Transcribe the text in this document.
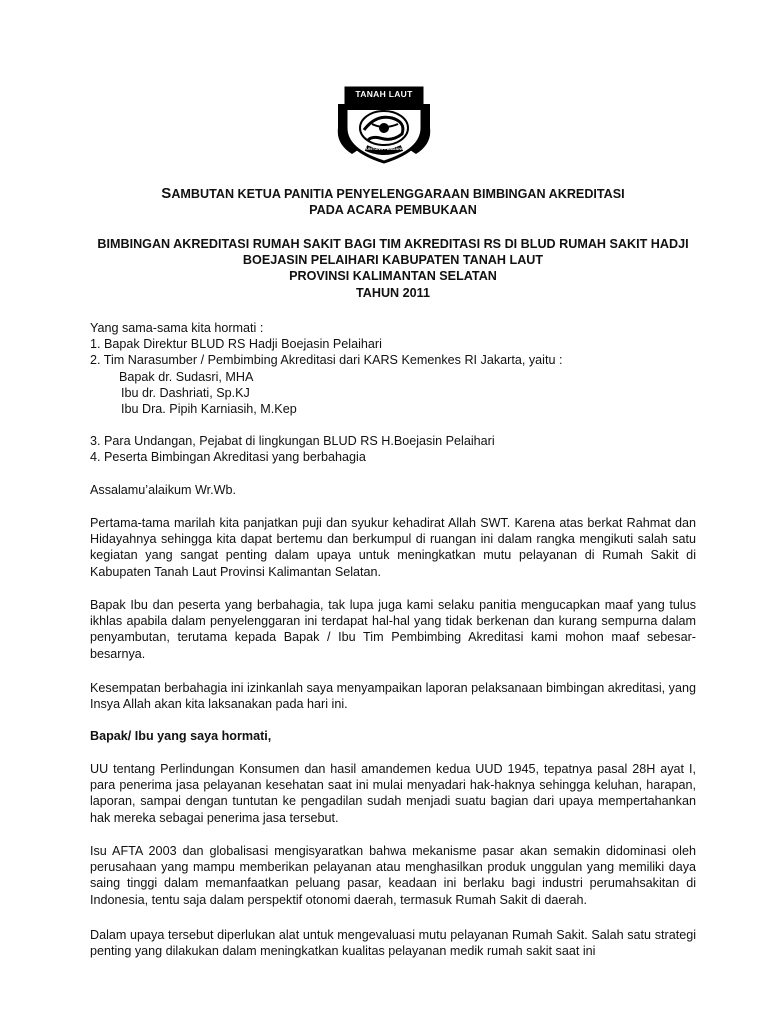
TANAH LAUT
TUNTUNG PANDANG
SAMBUTAN KETUA PANITIA PENYELENGGARAAN BIMBINGAN AKREDITASI
PADA ACARA PEMBUKAAN
BIMBINGAN AKREDITASI RUMAH SAKIT BAGI TIM AKREDITASI RS DI BLUD RUMAH SAKIT HADJI
BOEJASIN PELAIHARI KABUPATEN TANAH LAUT
PROVINSI KALIMANTAN SELATAN
TAHUN 2011
Yang sama-sama kita hormati :
1. Bapak Direktur BLUD RS Hadji Boejasin Pelaihari
2. Tim Narasumber / Pembimbing Akreditasi dari KARS Kemenkes RI Jakarta, yaitu :
Bapak dr. Sudasri, MHA
Ibu dr. Dashriati, Sp.KJ
Ibu Dra. Pipih Karniasih, M.Kep
3. Para Undangan, Pejabat di lingkungan BLUD RS H.Boejasin Pelaihari
4. Peserta Bimbingan Akreditasi yang berbahagia
Assalamu’alaikum Wr.Wb.
Pertama-tama marilah kita panjatkan puji dan syukur kehadirat Allah SWT. Karena atas berkat Rahmat dan Hidayahnya sehingga kita dapat bertemu dan berkumpul di ruangan ini dalam rangka mengikuti salah satu kegiatan yang sangat penting dalam upaya untuk meningkatkan mutu pelayanan di Rumah Sakit di Kabupaten Tanah Laut Provinsi Kalimantan Selatan.
Bapak Ibu dan peserta yang berbahagia, tak lupa juga kami selaku panitia mengucapkan maaf yang tulus ikhlas apabila dalam penyelenggaran ini terdapat hal-hal yang tidak berkenan dan kurang sempurna dalam penyambutan, terutama kepada Bapak / Ibu Tim Pembimbing Akreditasi kami mohon maaf sebesar-besarnya.
Kesempatan berbahagia ini izinkanlah saya menyampaikan laporan pelaksanaan bimbingan akreditasi, yang Insya Allah akan kita laksanakan pada hari ini.
Bapak/ Ibu yang saya hormati,
UU tentang Perlindungan Konsumen dan hasil amandemen kedua UUD 1945, tepatnya pasal 28H ayat I, para penerima jasa pelayanan kesehatan saat ini mulai menyadari hak-haknya sehingga keluhan, harapan, laporan, sampai dengan tuntutan ke pengadilan sudah menjadi suatu bagian dari upaya mempertahankan hak mereka sebagai penerima jasa tersebut.
Isu AFTA 2003 dan globalisasi mengisyaratkan bahwa mekanisme pasar akan semakin didominasi oleh perusahaan yang mampu memberikan pelayanan atau menghasilkan produk unggulan yang memiliki daya saing tinggi dalam memanfaatkan peluang pasar, keadaan ini berlaku bagi industri perumahsakitan di Indonesia, tentu saja dalam perspektif otonomi daerah, termasuk Rumah Sakit di daerah.
Dalam upaya tersebut diperlukan alat untuk mengevaluasi mutu pelayanan Rumah Sakit. Salah satu strategi penting yang dilakukan dalam meningkatkan kualitas pelayanan medik rumah sakit saat ini
